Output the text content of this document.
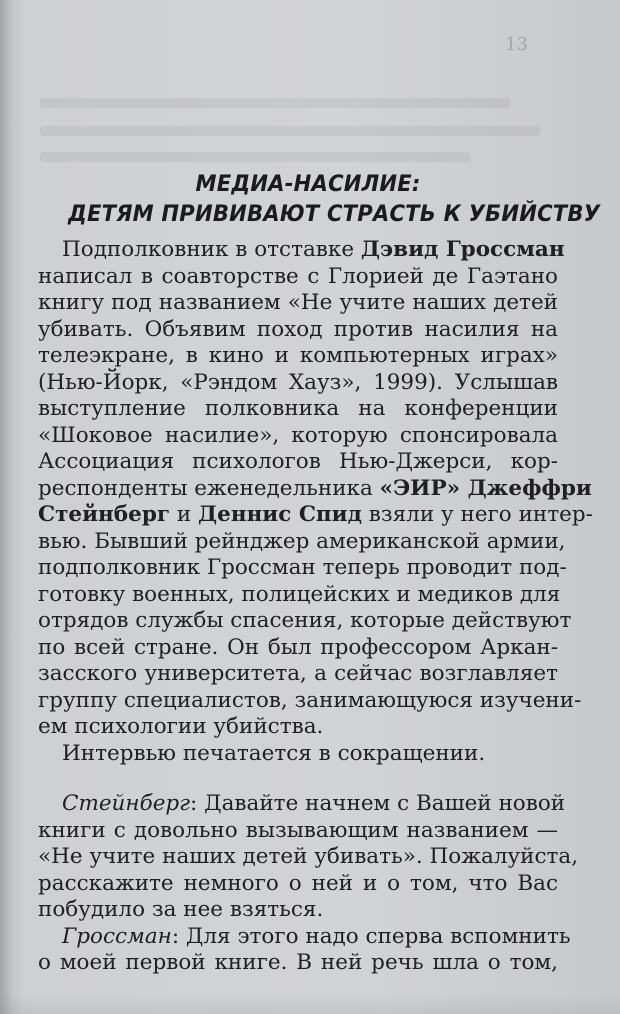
13
МЕДИА-НАСИЛИЕ:
ДЕТЯМ ПРИВИВАЮТ СТРАСТЬ К УБИЙСТВУ
Подполковник в отставке Дэвид Гроссман
написал в соавторстве с Глорией де Гаэтано
книгу под названием «Не учите наших детей
убивать. Объявим поход против насилия на
телеэкране, в кино и компьютерных играх»
(Нью-Йорк, «Рэндом Хауз», 1999). Услышав
выступление полковника на конференции
«Шоковое насилие», которую спонсировала
Ассоциация психологов Нью-Джерси, кор-
респонденты еженедельника «ЭИР» Джеффри
Стейнберг и Деннис Спид взяли у него интер-
вью. Бывший рейнджер американской армии,
подполковник Гроссман теперь проводит под-
готовку военных, полицейских и медиков для
отрядов службы спасения, которые действуют
по всей стране. Он был профессором Аркан-
засского университета, а сейчас возглавляет
группу специалистов, занимающуюся изучени-
ем психологии убийства.
Интервью печатается в сокращении.
Стейнберг: Давайте начнем с Вашей новой
книги с довольно вызывающим названием —
«Не учите наших детей убивать». Пожалуйста,
расскажите немного о ней и о том, что Вас
побудило за нее взяться.
Гроссман: Для этого надо сперва вспомнить
о моей первой книге. В ней речь шла о том,
